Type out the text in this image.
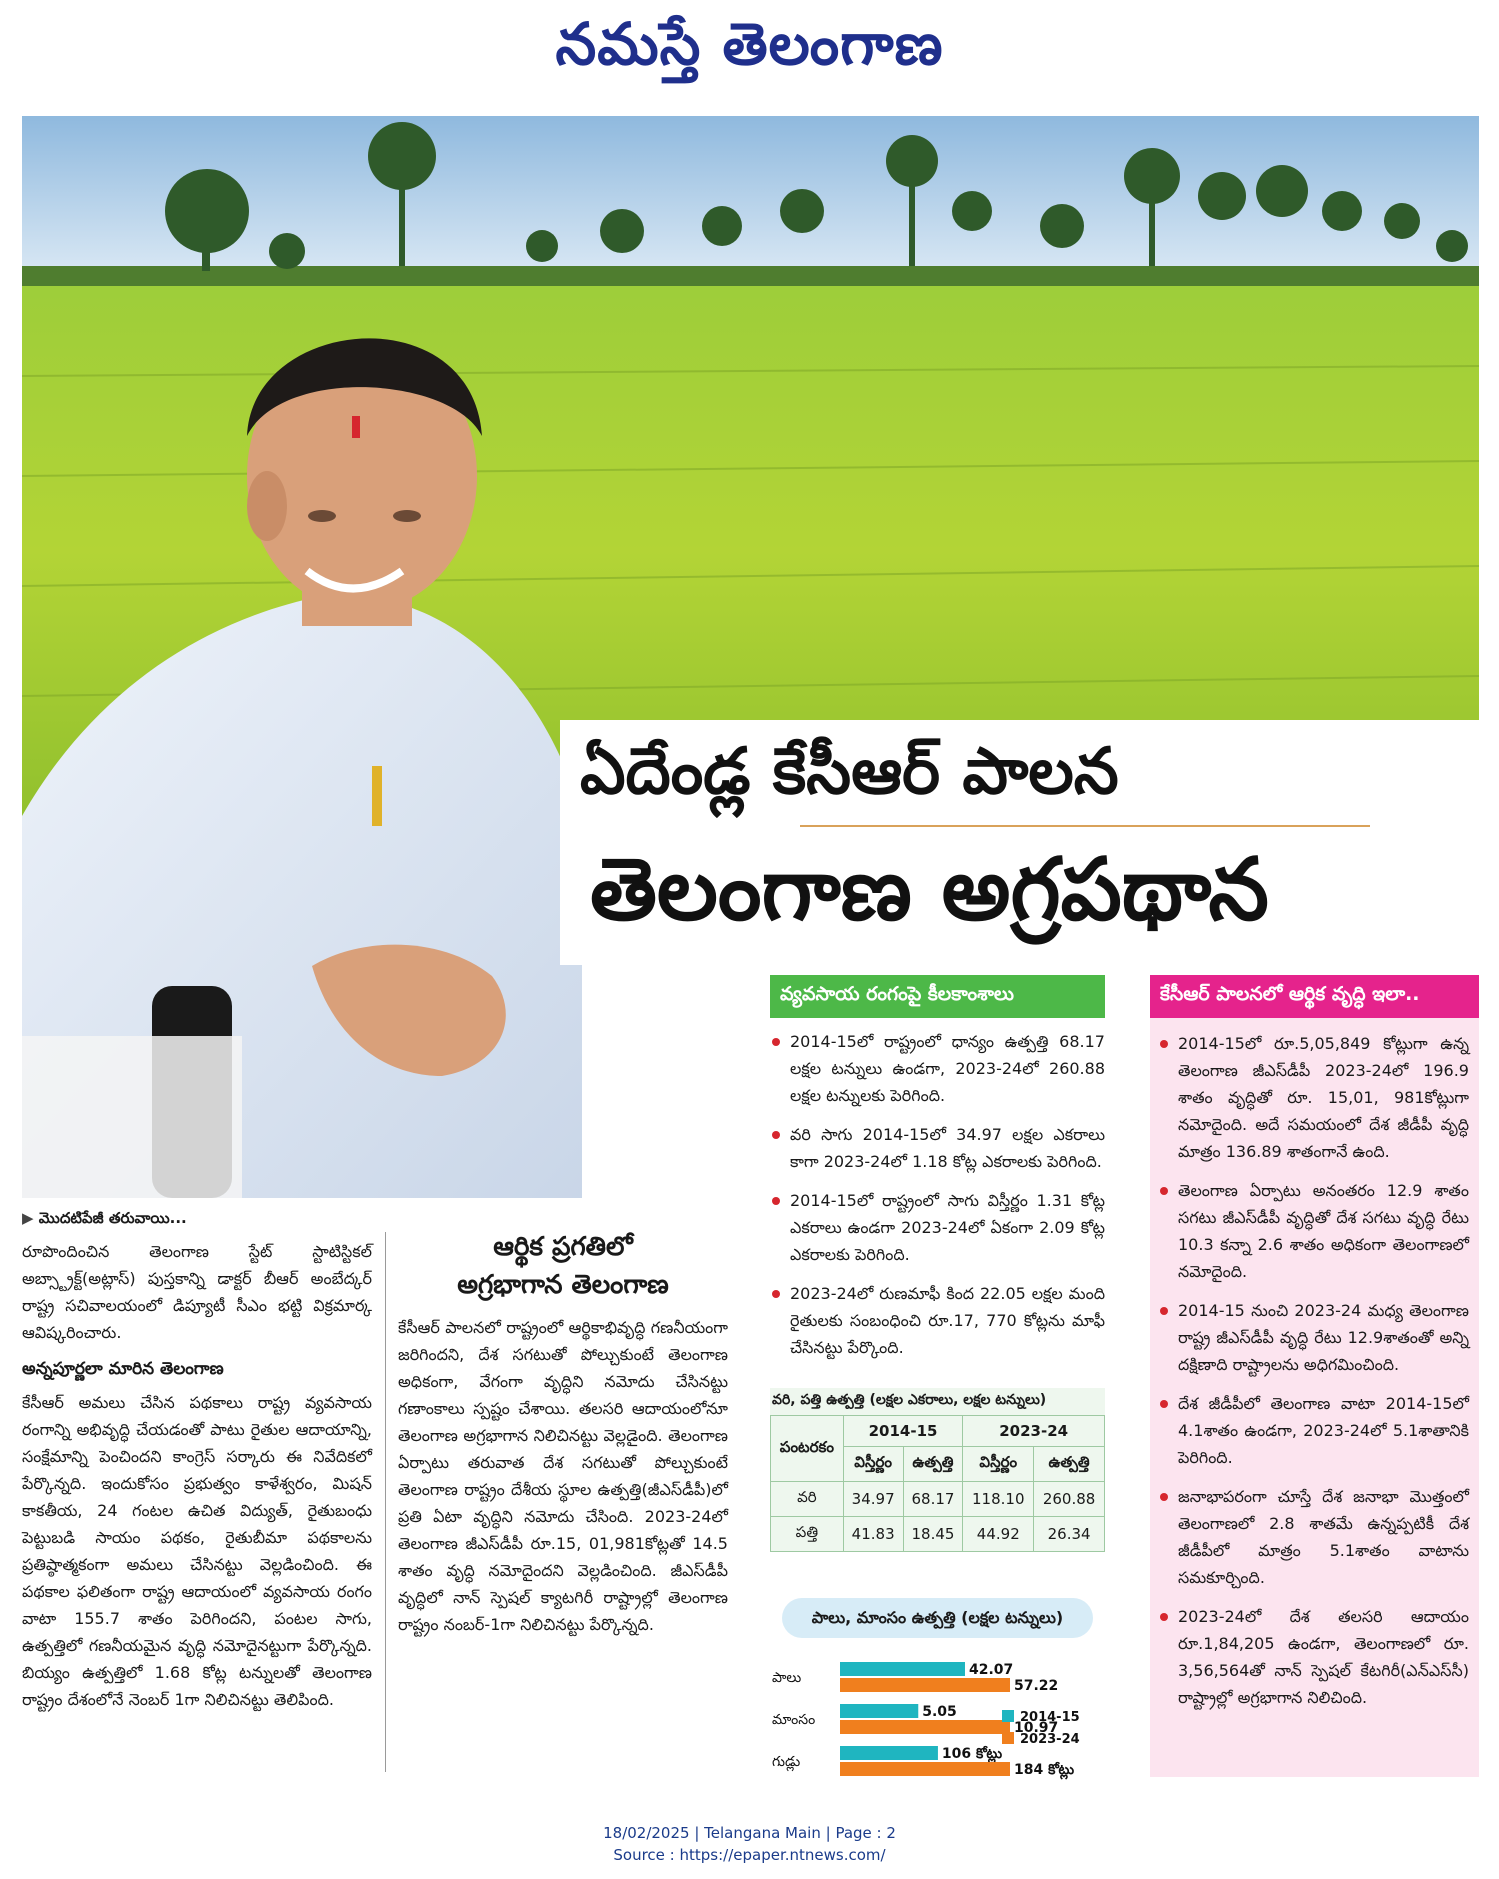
నమస్తే తెలంగాణ
ఏదేండ్ల కేసీఆర్ పాలన
తెలంగాణ అగ్రపథాన
▶ మొదటిపేజీ తరువాయి...

రూపొందించిన తెలంగాణ స్టేట్ స్టాటిస్టికల్ అబ్స్ట్రాక్ట్(అట్లాస్) పుస్తకాన్ని డాక్టర్ బీఆర్ అంబేద్కర్ రాష్ట్ర సచివాలయంలో డిప్యూటీ సీఎం భట్టి విక్రమార్క ఆవిష్కరించారు.

అన్నపూర్ణలా మారిన తెలంగాణ

కేసీఆర్ అమలు చేసిన పథకాలు రాష్ట్ర వ్యవసాయ రంగాన్ని అభివృద్ధి చేయడంతో పాటు రైతుల ఆదాయాన్ని, సంక్షేమాన్ని పెంచిందని కాంగ్రెస్ సర్కారు ఈ నివేదికలో పేర్కొన్నది. ఇందుకోసం ప్రభుత్వం కాళేశ్వరం, మిషన్ కాకతీయ, 24 గంటల ఉచిత విద్యుత్, రైతుబంధు పెట్టుబడి సాయం పథకం, రైతుబీమా పథకాలను ప్రతిష్ఠాత్మకంగా అమలు చేసినట్టు వెల్లడించింది. ఈ పథకాల ఫలితంగా రాష్ట్ర ఆదాయంలో వ్యవసాయ రంగం వాటా 155.7 శాతం పెరిగిందని, పంటల సాగు, ఉత్పత్తిలో గణనీయమైన వృద్ధి నమోదైనట్టుగా పేర్కొన్నది. బియ్యం ఉత్పత్తిలో 1.68 కోట్ల టన్నులతో తెలంగాణ రాష్ట్రం దేశంలోనే నెంబర్ 1గా నిలిచినట్టు తెలిపింది.

ఆర్థిక ప్రగతిలో
అగ్రభాగాన తెలంగాణ

కేసీఆర్ పాలనలో రాష్ట్రంలో ఆర్థికాభివృద్ధి గణనీయంగా జరిగిందని, దేశ సగటుతో పోల్చుకుంటే తెలంగాణ అధికంగా, వేగంగా వృద్ధిని నమోదు చేసినట్టు గణాంకాలు స్పష్టం చేశాయి. తలసరి ఆదాయంలోనూ తెలంగాణ అగ్రభాగాన నిలిచినట్టు వెల్లడైంది. తెలంగాణ ఏర్పాటు తరువాత దేశ సగటుతో పోల్చుకుంటే తెలంగాణ రాష్ట్రం దేశీయ స్థూల ఉత్పత్తి(జీఎస్‌డీపీ)లో ప్రతి ఏటా వృద్ధిని నమోదు చేసింది. 2023-24లో తెలంగాణ జీఎస్‌డీపీ రూ.15, 01,981కోట్లతో 14.5 శాతం వృద్ధి నమోదైందని వెల్లడించింది. జీఎస్‌డీపీ వృద్ధిలో నాన్ స్పెషల్ క్యాటగిరీ రాష్ట్రాల్లో తెలంగాణ రాష్ట్రం నంబర్-1గా నిలిచినట్టు పేర్కొన్నది.

వ్యవసాయ రంగంపై కీలకాంశాలు
2014-15లో రాష్ట్రంలో ధాన్యం ఉత్పత్తి 68.17 లక్షల టన్నులు ఉండగా, 2023-24లో 260.88 లక్షల టన్నులకు పెరిగింది.
వరి సాగు 2014-15లో 34.97 లక్షల ఎకరాలు కాగా 2023-24లో 1.18 కోట్ల ఎకరాలకు పెరిగింది.
2014-15లో రాష్ట్రంలో సాగు విస్తీర్ణం 1.31 కోట్ల ఎకరాలు ఉండగా 2023-24లో ఏకంగా 2.09 కోట్ల ఎకరాలకు పెరిగింది.
2023-24లో రుణమాఫీ కింద 22.05 లక్షల మంది రైతులకు సంబంధించి రూ.17, 770 కోట్లను మాఫీ చేసినట్టు పేర్కొంది.
వరి, పత్తి ఉత్పత్తి (లక్షల ఎకరాలు, లక్షల టన్నులు)
పంటరకం	2014-15		2023-24	
	విస్తీర్ణం	ఉత్పత్తి	విస్తీర్ణం	ఉత్పత్తి
వరి	34.97	68.17	118.10	260.88
పత్తి	41.83	18.45	44.92	26.34
పాలు, మాంసం ఉత్పత్తి (లక్షల టన్నులు)
పాలు	42.07
57.22
మాంసం	5.05
10.97
గుడ్లు	106 కోట్లు
184 కోట్లు
2014-15
2023-24
కేసీఆర్ పాలనలో ఆర్థిక వృద్ధి ఇలా..
2014-15లో రూ.5,05,849 కోట్లుగా ఉన్న తెలంగాణ జీఎస్‌డీపీ 2023-24లో 196.9 శాతం వృద్ధితో రూ. 15,01, 981కోట్లుగా నమోదైంది. అదే సమయంలో దేశ జీడీపీ వృద్ధి మాత్రం 136.89 శాతంగానే ఉంది.
తెలంగాణ ఏర్పాటు అనంతరం 12.9 శాతం సగటు జీఎస్‌డీపీ వృద్ధితో దేశ సగటు వృద్ధి రేటు 10.3 కన్నా 2.6 శాతం అధికంగా తెలంగాణలో నమోదైంది.
2014-15 నుంచి 2023-24 మధ్య తెలంగాణ రాష్ట్ర జీఎస్‌డీపీ వృద్ధి రేటు 12.9శాతంతో అన్ని దక్షిణాది రాష్ట్రాలను అధిగమించింది.
దేశ జీడీపీలో తెలంగాణ వాటా 2014-15లో 4.1శాతం ఉండగా, 2023-24లో 5.1శాతానికి పెరిగింది.
జనాభాపరంగా చూస్తే దేశ జనాభా మొత్తంలో తెలంగాణలో 2.8 శాతమే ఉన్నప్పటికీ దేశ జీడీపీలో మాత్రం 5.1శాతం వాటాను సమకూర్చింది.
2023-24లో దేశ తలసరి ఆదాయం రూ.1,84,205 ఉండగా, తెలంగాణలో రూ. 3,56,564తో నాన్ స్పెషల్ కేటగిరీ(ఎన్‌ఎస్‌సీ) రాష్ట్రాల్లో అగ్రభాగాన నిలిచింది.
18/02/2025 | Telangana Main | Page : 2
Source : https://epaper.ntnews.com/
